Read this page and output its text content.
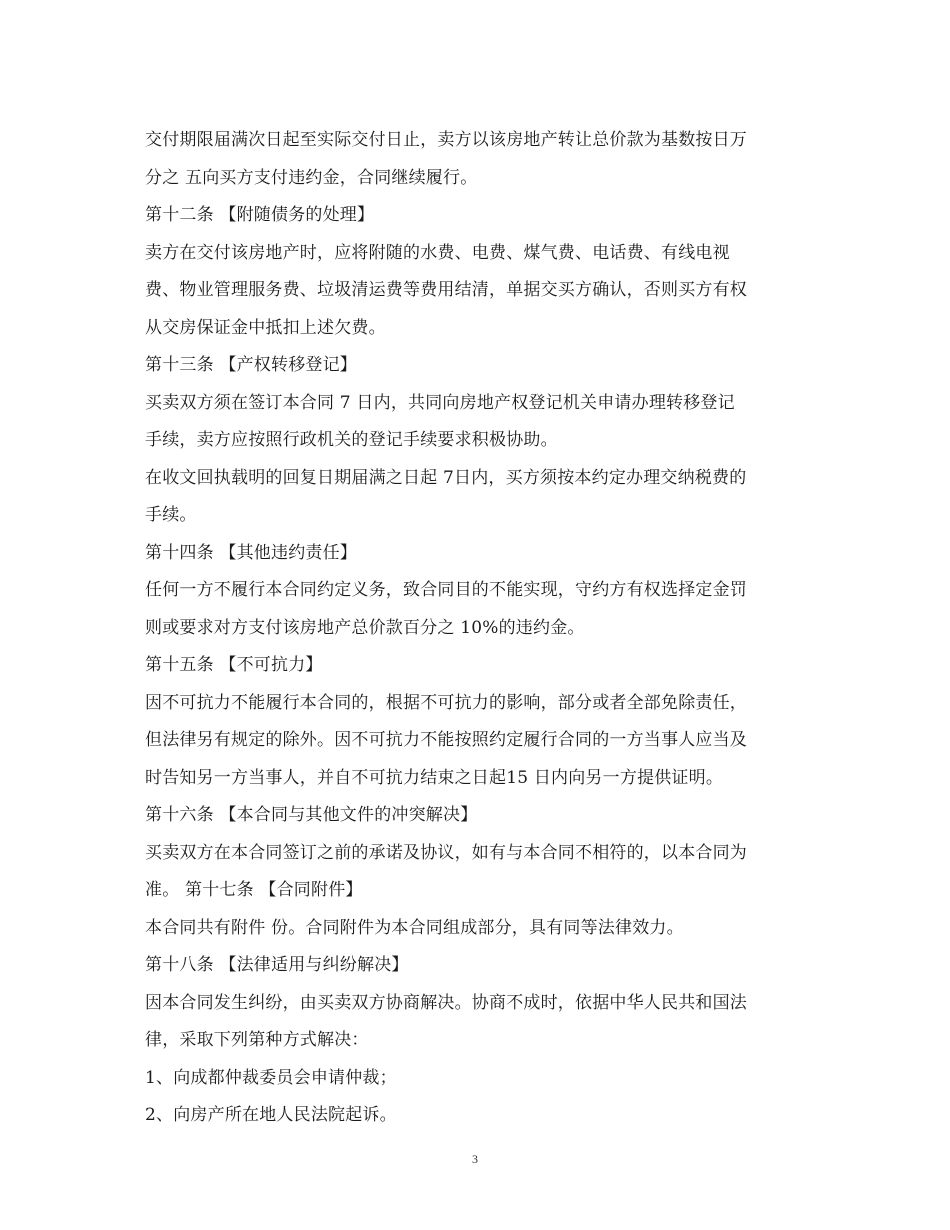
交付期限届满次日起至实际交付日止，卖方以该房地产转让总价款为基数按日万
分之 五向买方支付违约金，合同继续履行。
第十二条 【附随债务的处理】
卖方在交付该房地产时，应将附随的水费、电费、煤气费、电话费、有线电视
费、物业管理服务费、垃圾清运费等费用结清，单据交买方确认，否则买方有权
从交房保证金中抵扣上述欠费。
第十三条 【产权转移登记】
买卖双方须在签订本合同 7 日内，共同向房地产权登记机关申请办理转移登记
手续，卖方应按照行政机关的登记手续要求积极协助。
在收文回执载明的回复日期届满之日起 7日内，买方须按本约定办理交纳税费的
手续。
第十四条 【其他违约责任】
任何一方不履行本合同约定义务，致合同目的不能实现，守约方有权选择定金罚
则或要求对方支付该房地产总价款百分之 10%的违约金。
第十五条 【不可抗力】
因不可抗力不能履行本合同的，根据不可抗力的影响，部分或者全部免除责任，
但法律另有规定的除外。因不可抗力不能按照约定履行合同的一方当事人应当及
时告知另一方当事人，并自不可抗力结束之日起15 日内向另一方提供证明。
第十六条 【本合同与其他文件的冲突解决】
买卖双方在本合同签订之前的承诺及协议，如有与本合同不相符的，以本合同为
准。 第十七条 【合同附件】
本合同共有附件 份。合同附件为本合同组成部分，具有同等法律效力。
第十八条 【法律适用与纠纷解决】
因本合同发生纠纷，由买卖双方协商解决。协商不成时，依据中华人民共和国法
律，采取下列第种方式解决：
1、向成都仲裁委员会申请仲裁；
2、向房产所在地人民法院起诉。
3
